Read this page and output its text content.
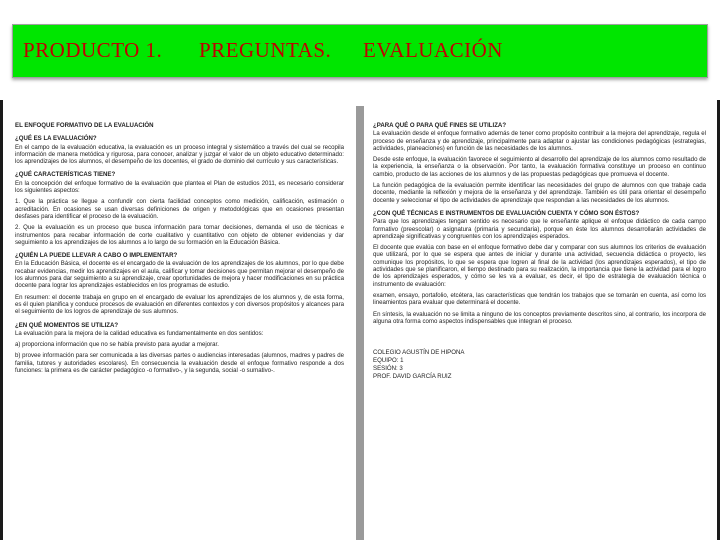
PRODUCTO 1. PREGUNTAS. EVALUACIÓN

EL ENFOQUE FORMATIVO DE LA EVALUACIÓN

¿QUÉ ES LA EVALUACIÓN?

En el campo de la evaluación educativa, la evaluación es un proceso integral y sistemático a través del cual se recopila información de manera metódica y rigurosa, para conocer, analizar y juzgar el valor de un objeto educativo determinado: los aprendizajes de los alumnos, el desempeño de los docentes, el grado de dominio del currículo y sus características.

¿QUÉ CARACTERÍSTICAS TIENE?

En la concepción del enfoque formativo de la evaluación que plantea el Plan de estudios 2011, es necesario considerar los siguientes aspectos:

1. Que la práctica se llegue a confundir con cierta facilidad conceptos como medición, calificación, estimación o acreditación. En ocasiones se usan diversas definiciones de origen y metodológicas que en ocasiones presentan desfases para identificar el proceso de la evaluación.

2. Que la evaluación es un proceso que busca información para tomar decisiones, demanda el uso de técnicas e instrumentos para recabar información de corte cualitativo y cuantitativo con objeto de obtener evidencias y dar seguimiento a los aprendizajes de los alumnos a lo largo de su formación en la Educación Básica.

¿QUIÉN LA PUEDE LLEVAR A CABO O IMPLEMENTAR?

En la Educación Básica, el docente es el encargado de la evaluación de los aprendizajes de los alumnos, por lo que debe recabar evidencias, medir los aprendizajes en el aula, calificar y tomar decisiones que permitan mejorar el desempeño de los alumnos para dar seguimiento a su aprendizaje, crear oportunidades de mejora y hacer modificaciones en su práctica docente para lograr los aprendizajes establecidos en los programas de estudio.

En resumen: el docente trabaja en grupo en el encargado de evaluar los aprendizajes de los alumnos y, de esta forma, es él quien planifica y conduce procesos de evaluación en diferentes contextos y con diversos propósitos y alcances para el seguimiento de los logros de aprendizaje de sus alumnos.

¿EN QUÉ MOMENTOS SE UTILIZA?

La evaluación para la mejora de la calidad educativa es fundamentalmente en dos sentidos:

a) proporciona información que no se había previsto para ayudar a mejorar.

b) provee información para ser comunicada a las diversas partes o audiencias interesadas (alumnos, madres y padres de familia, tutores y autoridades escolares). En consecuencia la evaluación desde el enfoque formativo responde a dos funciones: la primera es de carácter pedagógico -o formativo-, y la segunda, social -o sumativo-.

¿PARA QUÉ O PARA QUÉ FINES SE UTILIZA?

La evaluación desde el enfoque formativo además de tener como propósito contribuir a la mejora del aprendizaje, regula el proceso de enseñanza y de aprendizaje, principalmente para adaptar o ajustar las condiciones pedagógicas (estrategias, actividades, planeaciones) en función de las necesidades de los alumnos.

Desde este enfoque, la evaluación favorece el seguimiento al desarrollo del aprendizaje de los alumnos como resultado de la experiencia, la enseñanza o la observación. Por tanto, la evaluación formativa constituye un proceso en continuo cambio, producto de las acciones de los alumnos y de las propuestas pedagógicas que promueva el docente.

La función pedagógica de la evaluación permite identificar las necesidades del grupo de alumnos con que trabaje cada docente, mediante la reflexión y mejora de la enseñanza y del aprendizaje. También es útil para orientar el desempeño docente y seleccionar el tipo de actividades de aprendizaje que respondan a las necesidades de los alumnos.

¿CON QUÉ TÉCNICAS E INSTRUMENTOS DE EVALUACIÓN CUENTA Y CÓMO SON ÉSTOS?

Para que los aprendizajes tengan sentido es necesario que le enseñante aplique el enfoque didáctico de cada campo formativo (preescolar) o asignatura (primaria y secundaria), porque en éste los alumnos desarrollarán actividades de aprendizaje significativas y congruentes con los aprendizajes esperados.

El docente que evalúa con base en el enfoque formativo debe dar y comparar con sus alumnos los criterios de evaluación que utilizará, por lo que se espera que antes de iniciar y durante una actividad, secuencia didáctica o proyecto, les comunique los propósitos, lo que se espera que logren al final de la actividad (los aprendizajes esperados), el tipo de actividades que se planificaron, el tiempo destinado para su realización, la importancia que tiene la actividad para el logro de los aprendizajes esperados, y cómo se les va a evaluar, es decir, el tipo de estrategia de evaluación técnica o instrumento de evaluación:

examen, ensayo, portafolio, etcétera, las características que tendrán los trabajos que se tomarán en cuenta, así como los lineamientos para evaluar que determinará el docente.

En síntesis, la evaluación no se limita a ninguno de los conceptos previamente descritos sino, al contrario, los incorpora de alguna otra forma como aspectos indispensables que integran el proceso.

COLEGIO AGUSTÍN DE HIPONA
EQUIPO: 1
SESIÓN: 3
PROF. DAVID GARCÍA RUIZ
